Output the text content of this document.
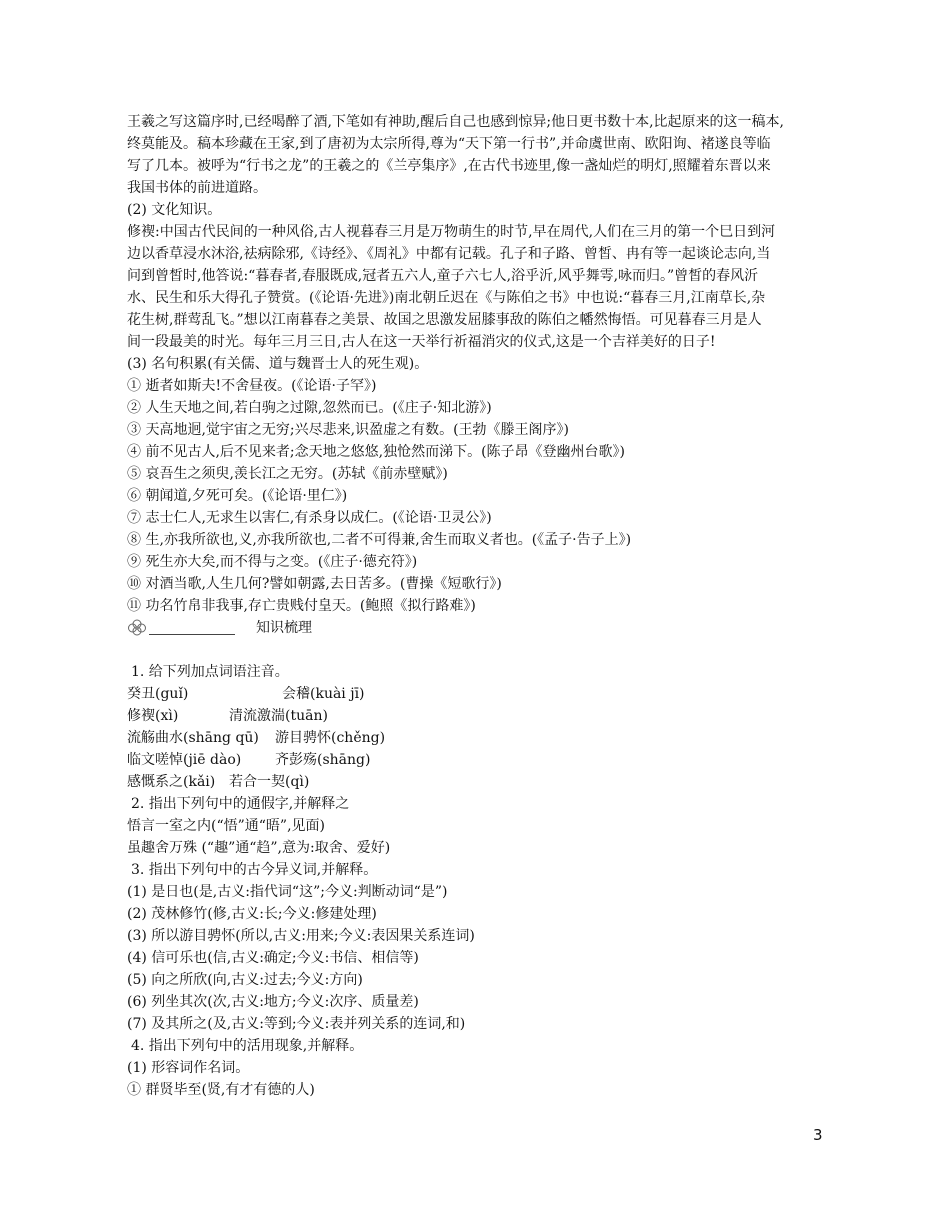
王羲之写这篇序时,已经喝醉了酒,下笔如有神助,醒后自己也感到惊异;他日更书数十本,比起原来的这一稿本,
终莫能及。稿本珍藏在王家,到了唐初为太宗所得,尊为“天下第一行书”,并命虞世南、欧阳询、褚遂良等临
写了几本。被呼为“行书之龙”的王羲之的《兰亭集序》,在古代书迹里,像一盏灿烂的明灯,照耀着东晋以来
我国书体的前进道路。
(2) 文化知识。
修褉:中国古代民间的一种风俗,古人视暮春三月是万物萌生的时节,早在周代,人们在三月的第一个巳日到河
边以香草浸水沐浴,祛病除邪,《诗经》、《周礼》中都有记载。孔子和子路、曾皙、冉有等一起谈论志向,当
问到曾皙时,他答说:“暮春者,春服既成,冠者五六人,童子六七人,浴乎沂,风乎舞雩,咏而归。”曾皙的春风沂
水、民生和乐大得孔子赞赏。(《论语·先进》)南北朝丘迟在《与陈伯之书》中也说:“暮春三月,江南草长,杂
花生树,群莺乱飞。”想以江南暮春之美景、故国之思激发屈膝事敌的陈伯之幡然悔悟。可见暮春三月是人
间一段最美的时光。每年三月三日,古人在这一天举行祈福消灾的仪式,这是一个吉祥美好的日子!
(3) 名句积累(有关儒、道与魏晋士人的死生观)。
① 逝者如斯夫!不舍昼夜。(《论语·子罕》)
② 人生天地之间,若白驹之过隙,忽然而已。(《庄子·知北游》)
③ 天高地迥,觉宇宙之无穷;兴尽悲来,识盈虚之有数。(王勃《滕王阁序》)
④ 前不见古人,后不见来者;念天地之悠悠,独怆然而涕下。(陈子昂《登幽州台歌》)
⑤ 哀吾生之须臾,羡长江之无穷。(苏轼《前赤壁赋》)
⑥ 朝闻道,夕死可矣。(《论语·里仁》)
⑦ 志士仁人,无求生以害仁,有杀身以成仁。(《论语·卫灵公》)
⑧ 生,亦我所欲也,义,亦我所欲也,二者不可得兼,舍生而取义者也。(《孟子·告子上》)
⑨ 死生亦大矣,而不得与之变。(《庄子·德充符》)
⑩ 对酒当歌,人生几何?譬如朝露,去日苦多。(曹操《短歌行》)
⑪ 功名竹帛非我事,存亡贵贱付皇天。(鲍照《拟行路难》)
知识梳理
1. 给下列加点词语注音。
癸丑(guǐ)	会稽(kuài jī)
修褉(xì)	清流激湍(tuān)
流觞曲水(shāng qū) 游目骋怀(chěng)
临文嗟悼(jiē dào) 齐彭殇(shāng)
感慨系之(kǎi) 若合一契(qì)
2. 指出下列句中的通假字,并解释之
悟言一室之内(“悟”通“晤”,见面)
虽趣舍万殊 (“趣”通“趋”,意为:取舍、爱好)
3. 指出下列句中的古今异义词,并解释。
(1) 是日也(是,古义:指代词“这”;今义:判断动词“是”)
(2) 茂林修竹(修,古义:长;今义:修建处理)
(3) 所以游目骋怀(所以,古义:用来;今义:表因果关系连词)
(4) 信可乐也(信,古义:确定;今义:书信、相信等)
(5) 向之所欣(向,古义:过去;今义:方向)
(6) 列坐其次(次,古义:地方;今义:次序、质量差)
(7) 及其所之(及,古义:等到;今义:表并列关系的连词,和)
4. 指出下列句中的活用现象,并解释。
(1) 形容词作名词。
① 群贤毕至(贤,有才有德的人)
3
